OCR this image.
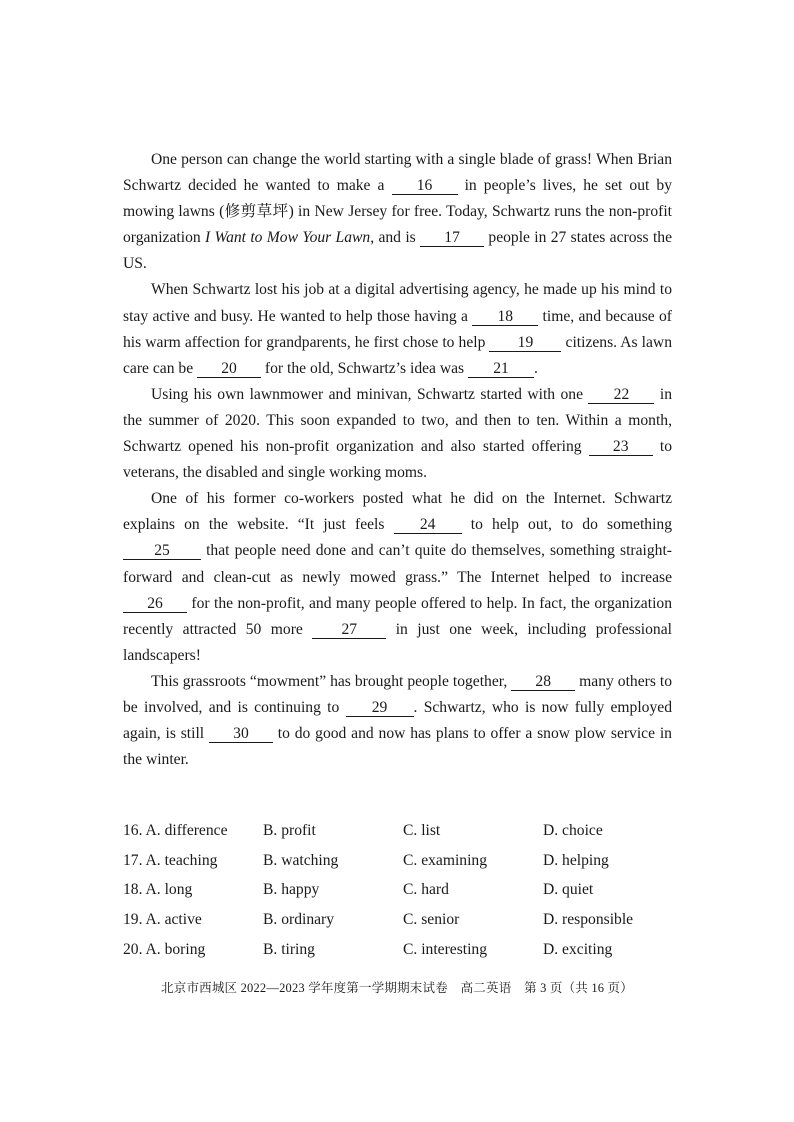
One person can change the world starting with a single blade of grass! When Brian Schwartz decided he wanted to make a 16 in people’s lives, he set out by mowing lawns (修剪草坪) in New Jersey for free. Today, Schwartz runs the non-profit organization I Want to Mow Your Lawn, and is 17 people in 27 states across the US.

When Schwartz lost his job at a digital advertising agency, he made up his mind to stay active and busy. He wanted to help those having a 18 time, and because of his warm affection for grandparents, he first chose to help 19 citizens. As lawn care can be 20 for the old, Schwartz’s idea was 21 .

Using his own lawnmower and minivan, Schwartz started with one 22 in the summer of 2020. This soon expanded to two, and then to ten. Within a month, Schwartz opened his non-profit organization and also started offering 23 to veterans, the disabled and single working moms.

One of his former co-workers posted what he did on the Internet. Schwartz explains on the website. “It just feels 24 to help out, to do something 25 that people need done and can’t quite do themselves, something straight-forward and clean-cut as newly mowed grass.” The Internet helped to increase 26 for the non-profit, and many people offered to help. In fact, the organization recently attracted 50 more 27 in just one week, including professional landscapers!

This grassroots “mowment” has brought people together, 28 many others to be involved, and is continuing to 29 . Schwartz, who is now fully employed again, is still 30 to do good and now has plans to offer a snow plow service in the winter.

16. A. difference B. profit	C. list	D. choice
17. A. teaching	B. watching	C. examining	D. helping
18. A. long	B. happy	C. hard	D. quiet
19. A. active	B. ordinary	C. senior	D. responsible
20. A. boring	B. tiring	C. interesting	D. exciting
北京市西城区 2022—2023 学年度第一学期期末试卷　高二英语　第 3 页（共 16 页）
